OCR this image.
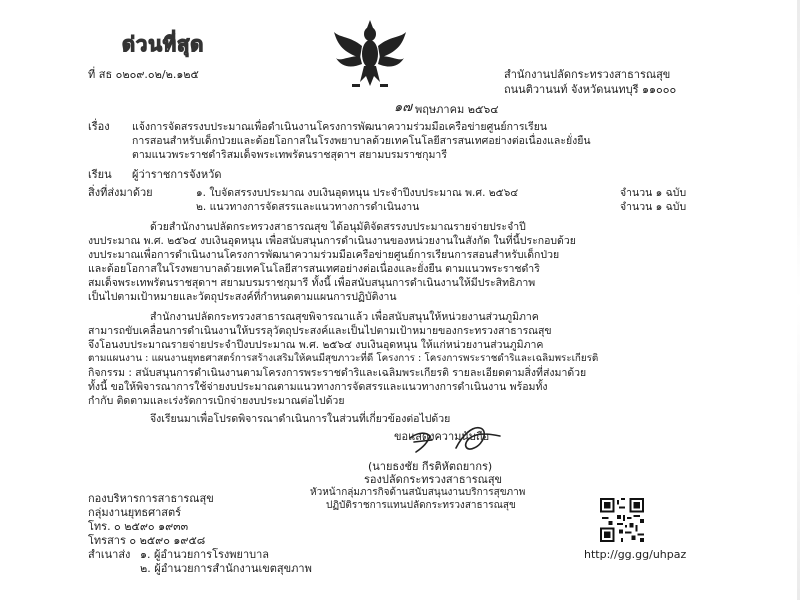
ด่วนที่สุด
ที่ สธ ๐๒๐๙.๐๒/๒.๑๒๕	สำนักงานปลัดกระทรวงสาธารณสุข
ถนนติวานนท์ จังหวัดนนทบุรี ๑๑๐๐๐
๑๗ พฤษภาคม ๒๕๖๔
เรื่อง แจ้งการจัดสรรงบประมาณเพื่อดำเนินงานโครงการพัฒนาความร่วมมือเครือข่ายศูนย์การเรียน
การสอนสำหรับเด็กป่วยและด้อยโอกาสในโรงพยาบาลด้วยเทคโนโลยีสารสนเทศอย่างต่อเนื่องและยั่งยืน
ตามแนวพระราชดำริสมเด็จพระเทพรัตนราชสุดาฯ สยามบรมราชกุมารี
เรียน ผู้ว่าราชการจังหวัด
สิ่งที่ส่งมาด้วย	๑. ใบจัดสรรงบประมาณ งบเงินอุดหนุน ประจำปีงบประมาณ พ.ศ. ๒๕๖๔	จำนวน ๑ ฉบับ
๒. แนวทางการจัดสรรและแนวทางการดำเนินงาน	จำนวน ๑ ฉบับ
ด้วยสำนักงานปลัดกระทรวงสาธารณสุข ได้อนุมัติจัดสรรงบประมาณรายจ่ายประจำปี
งบประมาณ พ.ศ. ๒๕๖๔ งบเงินอุดหนุน เพื่อสนับสนุนการดำเนินงานของหน่วยงานในสังกัด ในที่นี้ประกอบด้วย
งบประมาณเพื่อการดำเนินงานโครงการพัฒนาความร่วมมือเครือข่ายศูนย์การเรียนการสอนสำหรับเด็กป่วย
และด้อยโอกาสในโรงพยาบาลด้วยเทคโนโลยีสารสนเทศอย่างต่อเนื่องและยั่งยืน ตามแนวพระราชดำริ
สมเด็จพระเทพรัตนราชสุดาฯ สยามบรมราชกุมารี ทั้งนี้ เพื่อสนับสนุนการดำเนินงานให้มีประสิทธิภาพ
เป็นไปตามเป้าหมายและวัตถุประสงค์ที่กำหนดตามแผนการปฏิบัติงาน
สำนักงานปลัดกระทรวงสาธารณสุขพิจารณาแล้ว เพื่อสนับสนุนให้หน่วยงานส่วนภูมิภาค
สามารถขับเคลื่อนการดำเนินงานให้บรรลุวัตถุประสงค์และเป็นไปตามเป้าหมายของกระทรวงสาธารณสุข
จึงโอนงบประมาณรายจ่ายประจำปีงบประมาณ พ.ศ. ๒๕๖๔ งบเงินอุดหนุน ให้แก่หน่วยงานส่วนภูมิภาค
ตามแผนงาน : แผนงานยุทธศาสตร์การสร้างเสริมให้คนมีสุขภาวะที่ดี โครงการ : โครงการพระราชดำริและเฉลิมพระเกียรติ
กิจกรรม : สนับสนุนการดำเนินงานตามโครงการพระราชดำริและเฉลิมพระเกียรติ รายละเอียดตามสิ่งที่ส่งมาด้วย
ทั้งนี้ ขอให้พิจารณาการใช้จ่ายงบประมาณตามแนวทางการจัดสรรและแนวทางการดำเนินงาน พร้อมทั้ง
กำกับ ติดตามและเร่งรัดการเบิกจ่ายงบประมาณต่อไปด้วย
จึงเรียนมาเพื่อโปรดพิจารณาดำเนินการในส่วนที่เกี่ยวข้องต่อไปด้วย
ขอแสดงความนับถือ
(นายธงชัย กีรติหัตถยากร)
รองปลัดกระทรวงสาธารณสุข
หัวหน้ากลุ่มภารกิจด้านสนับสนุนงานบริการสุขภาพ
ปฏิบัติราชการแทนปลัดกระทรวงสาธารณสุข
กองบริหารการสาธารณสุข
กลุ่มงานยุทธศาสตร์
โทร. ๐ ๒๕๙๐ ๑๙๓๓
โทรสาร ๐ ๒๕๙๐ ๑๙๕๘
สำเนาส่ง ๑. ผู้อำนวยการโรงพยาบาล
๒. ผู้อำนวยการสำนักงานเขตสุขภาพ
http://gg.gg/uhpaz
